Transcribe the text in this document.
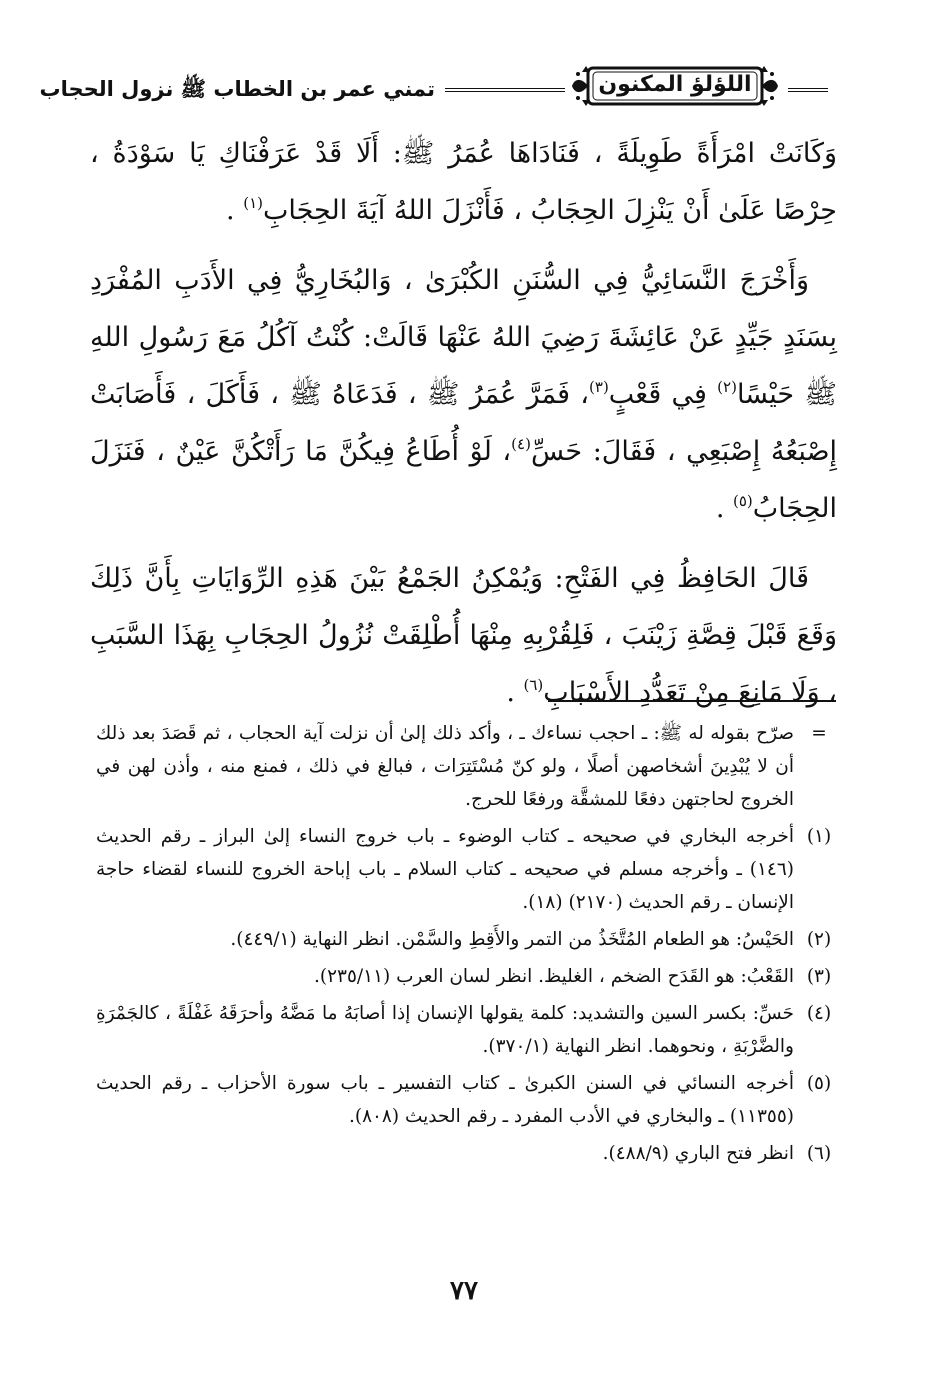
اللؤلؤ المكنون
تمني عمر بن الخطاب ﷺ نزول الحجاب

وَكَانَتْ امْرَأَةً طَوِيلَةً ، فَنَادَاهَا عُمَرُ ﷺ: أَلَا قَدْ عَرَفْنَاكِ يَا سَوْدَةُ ، حِرْصًا عَلَىٰ أَنْ يَنْزِلَ الحِجَابُ ، فَأَنْزَلَ اللهُ آيَةَ الحِجَابِ$^{(١)}$ .

وَأَخْرَجَ النَّسَائِيُّ فِي السُّنَنِ الكُبْرَىٰ ، وَالبُخَارِيُّ فِي الأَدَبِ المُفْرَدِ بِسَنَدٍ جَيِّدٍ عَنْ عَائِشَةَ رَضِيَ اللهُ عَنْهَا قَالَتْ: كُنْتُ آكُلُ مَعَ رَسُولِ اللهِ ﷺ حَيْسًا$^{(٢)}$ فِي قَعْبٍ$^{(٣)}$، فَمَرَّ عُمَرُ ﷺ ، فَدَعَاهُ ﷺ ، فَأَكَلَ ، فَأَصَابَتْ إِصْبَعُهُ إِصْبَعِي ، فَقَالَ: حَسِّ$^{(٤)}$، لَوْ أُطَاعُ فِيكُنَّ مَا رَأَتْكُنَّ عَيْنٌ ، فَنَزَلَ الحِجَابُ$^{(٥)}$ .

قَالَ الحَافِظُ فِي الفَتْحِ: وَيُمْكِنُ الجَمْعُ بَيْنَ هَذِهِ الرِّوَايَاتِ بِأَنَّ ذَلِكَ وَقَعَ قَبْلَ قِصَّةِ زَيْنَبَ ، فَلِقُرْبِهِ مِنْهَا أُطْلِقَتْ نُزُولُ الحِجَابِ بِهَذَا السَّبَبِ ، وَلَا مَانِعَ مِنْ تَعَدُّدِ الأَسْبَابِ$^{(٦)}$ .

=
صرّح بقوله له ﷺ: ـ احجب نساءك ـ ، وأكد ذلك إلىٰ أن نزلت آية الحجاب ، ثم قَصَدَ بعد ذلك أن لا يُبْدِينَ أشخاصهن أصلًا ، ولو كنّ مُسْتَتِرَات ، فبالغ في ذلك ، فمنع منه ، وأذن لهن في الخروج لحاجتهن دفعًا للمشقَّة ورفعًا للحرج.
(١)
أخرجه البخاري في صحيحه ـ كتاب الوضوء ـ باب خروج النساء إلىٰ البراز ـ رقم الحديث (١٤٦) ـ وأخرجه مسلم في صحيحه ـ كتاب السلام ـ باب إباحة الخروج للنساء لقضاء حاجة الإنسان ـ رقم الحديث (٢١٧٠) (١٨).
(٢)
الحَيْسُ: هو الطعام المُتَّخَذُ من التمر والأَقِطِ والسَّمْن. انظر النهاية (٤٤٩/١).
(٣)
القَعْبُ: هو القَدَح الضخم ، الغليظ. انظر لسان العرب (٢٣٥/١١).
(٤)
حَسِّ: بكسر السين والتشديد: كلمة يقولها الإنسان إذا أصابَهُ ما مَضَّهُ وأحرَقَهُ غَفْلَةً ، كالجَمْرَةِ والضَّرْبَةِ ، ونحوهما. انظر النهاية (٣٧٠/١).
(٥)
أخرجه النسائي في السنن الكبرىٰ ـ كتاب التفسير ـ باب سورة الأحزاب ـ رقم الحديث (١١٣٥٥) ـ والبخاري في الأدب المفرد ـ رقم الحديث (٨٠٨).
(٦)
انظر فتح الباري (٤٨٨/٩).
٧٧
